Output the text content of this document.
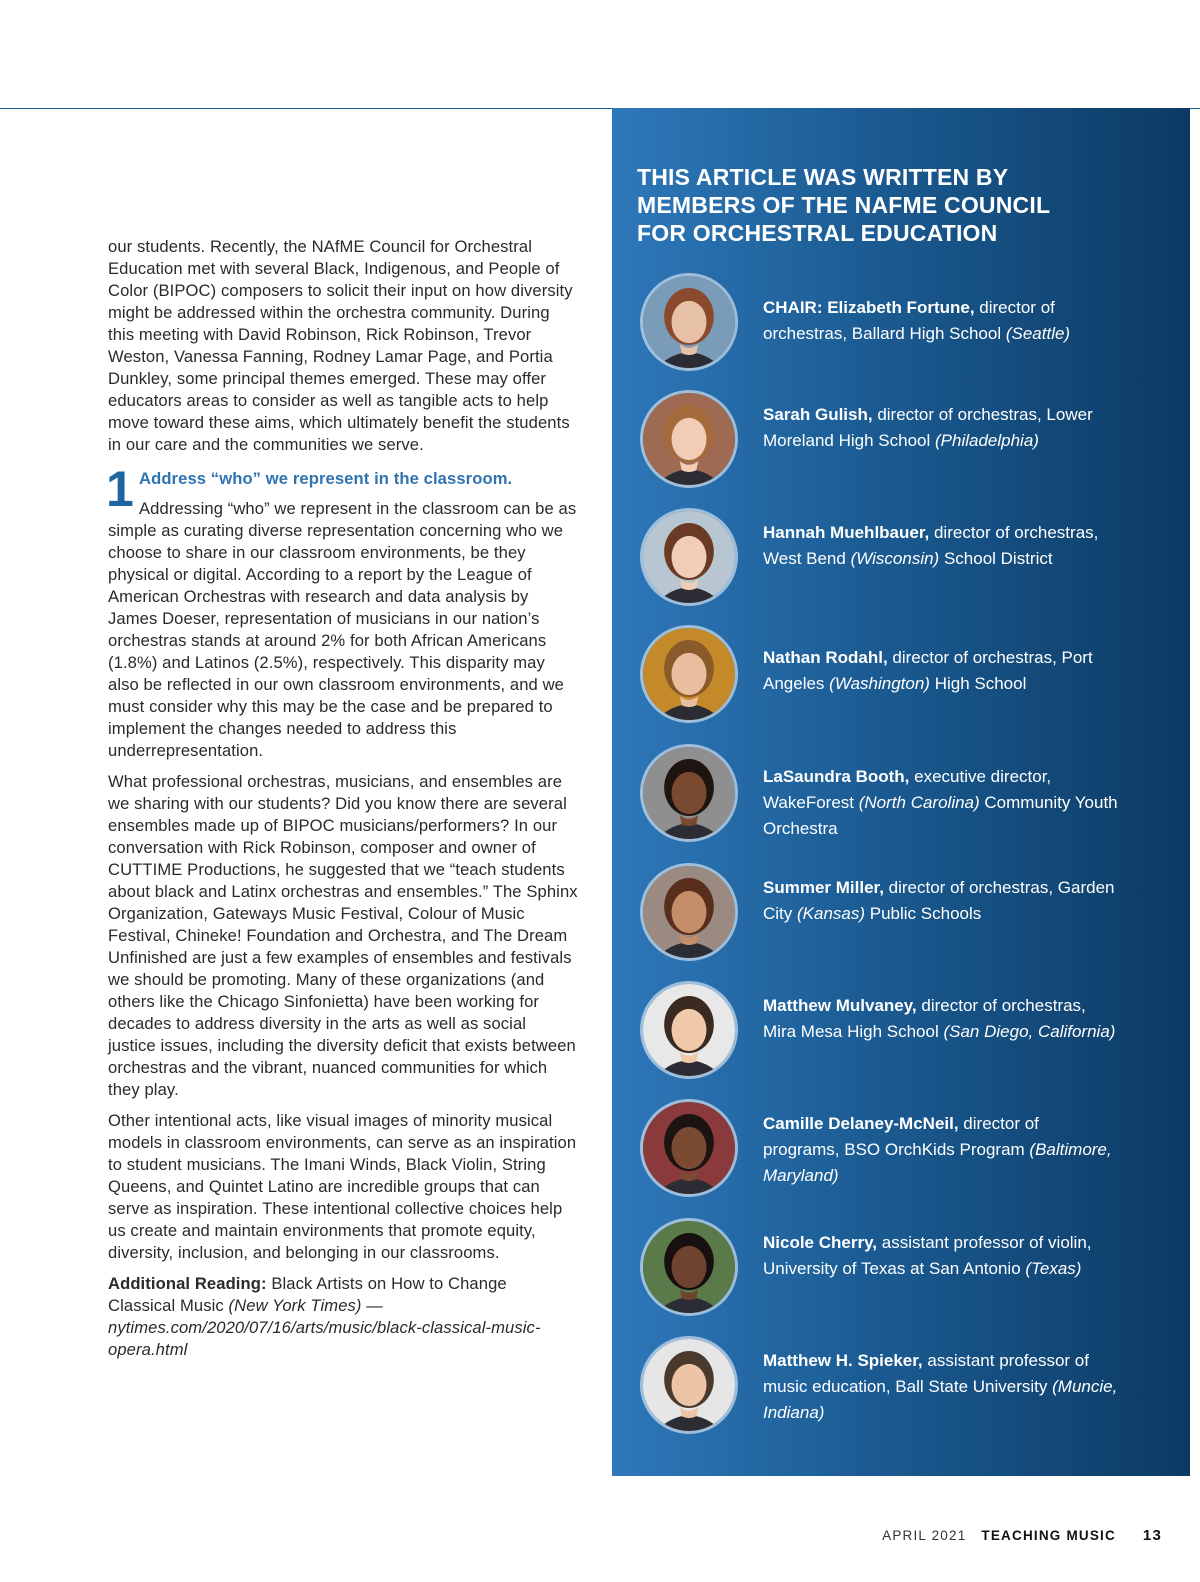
our students. Recently, the NAfME Council for Orchestral Education met with several Black, Indigenous, and People of Color (BIPOC) composers to solicit their input on how diversity might be addressed within the orchestra community. During this meeting with David Robinson, Rick Robinson, Trevor Weston, Vanessa Fanning, Rodney Lamar Page, and Portia Dunkley, some principal themes emerged. These may offer educators areas to consider as well as tangible acts to help move toward these aims, which ultimately benefit the students in our care and the communities we serve.

1 Address “who” we represent in the classroom.

Addressing “who” we represent in the classroom can be as simple as curating diverse representation concerning who we choose to share in our classroom environments, be they physical or digital. According to a report by the League of American Orchestras with research and data analysis by James Doeser, representation of musicians in our nation’s orchestras stands at around 2% for both African Americans (1.8%) and Latinos (2.5%), respectively. This disparity may also be reflected in our own classroom environments, and we must consider why this may be the case and be prepared to implement the changes needed to address this underrepresentation.

What professional orchestras, musicians, and ensembles are we sharing with our students? Did you know there are several ensembles made up of BIPOC musicians/performers? In our conversation with Rick Robinson, composer and owner of CUTTIME Productions, he suggested that we “teach students about black and Latinx orchestras and ensembles.” The Sphinx Organization, Gateways Music Festival, Colour of Music Festival, Chineke! Foundation and Orchestra, and The Dream Unfinished are just a few examples of ensembles and festivals we should be promoting. Many of these organizations (and others like the Chicago Sinfonietta) have been working for decades to address diversity in the arts as well as social justice issues, including the diversity deficit that exists between orchestras and the vibrant, nuanced communities for which they play.

Other intentional acts, like visual images of minority musical models in classroom environments, can serve as an inspiration to student musicians. The Imani Winds, Black Violin, String Queens, and Quintet Latino are incredible groups that can serve as inspiration. These intentional collective choices help us create and maintain environments that promote equity, diversity, inclusion, and belonging in our classrooms.

Additional Reading: Black Artists on How to Change Classical Music (New York Times) — nytimes.com/2020/07/16/arts/music/black-classical-music-opera.html

THIS ARTICLE WAS WRITTEN BY MEMBERS OF THE NAFME COUNCIL FOR ORCHESTRAL EDUCATION
CHAIR: Elizabeth Fortune, director of orchestras, Ballard High School (Seattle)
Sarah Gulish, director of orchestras, Lower Moreland High School (Philadelphia)
Hannah Muehlbauer, director of orchestras, West Bend (Wisconsin) School District
Nathan Rodahl, director of orchestras, Port Angeles (Washington) High School
LaSaundra Booth, executive director, WakeForest (North Carolina) Community Youth Orchestra
Summer Miller, director of orchestras, Garden City (Kansas) Public Schools
Matthew Mulvaney, director of orchestras, Mira Mesa High School (San Diego, California)
Camille Delaney-McNeil, director of programs, BSO OrchKids Program (Baltimore, Maryland)
Nicole Cherry, assistant professor of violin, University of Texas at San Antonio (Texas)
Matthew H. Spieker, assistant professor of music education, Ball State University (Muncie, Indiana)
APRIL 2021 TEACHING MUSIC 13
